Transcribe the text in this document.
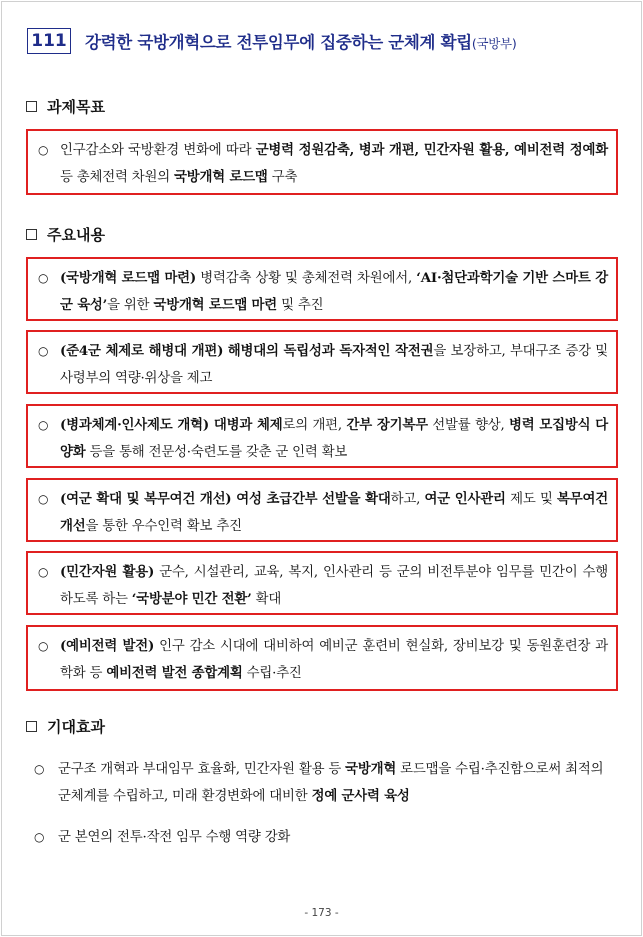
111 강력한 국방개혁으로 전투임무에 집중하는 군체계 확립(국방부)
과제목표
○ 인구감소와 국방환경 변화에 따라 군병력 정원감축, 병과 개편, 민간자원 활용, 예비전력 정예화 등 총체전력 차원의 국방개혁 로드맵 구축
주요내용
○ (국방개혁 로드맵 마련) 병력감축 상황 및 총체전력 차원에서, ‘AI·첨단과학기술 기반 스마트 강군 육성’을 위한 국방개혁 로드맵 마련 및 추진
○ (준4군 체제로 해병대 개편) 해병대의 독립성과 독자적인 작전권을 보장하고, 부대구조 증강 및 사령부의 역량·위상을 제고
○ (병과체계·인사제도 개혁) 대병과 체제로의 개편, 간부 장기복무 선발률 향상, 병력 모집방식 다양화 등을 통해 전문성·숙련도를 갖춘 군 인력 확보
○ (여군 확대 및 복무여건 개선) 여성 초급간부 선발을 확대하고, 여군 인사관리 제도 및 복무여건 개선을 통한 우수인력 확보 추진
○ (민간자원 활용) 군수, 시설관리, 교육, 복지, 인사관리 등 군의 비전투분야 임무를 민간이 수행하도록 하는 ‘국방분야 민간 전환’ 확대
○ (예비전력 발전) 인구 감소 시대에 대비하여 예비군 훈련비 현실화, 장비보강 및 동원훈련장 과학화 등 예비전력 발전 종합계획 수립·추진
기대효과
○	군구조 개혁과 부대임무 효율화, 민간자원 활용 등 국방개혁 로드맵을 수립·추진함으로써 최적의 군체계를 수립하고, 미래 환경변화에 대비한 정예 군사력 육성
○	군 본연의 전투·작전 임무 수행 역량 강화
- 173 -
